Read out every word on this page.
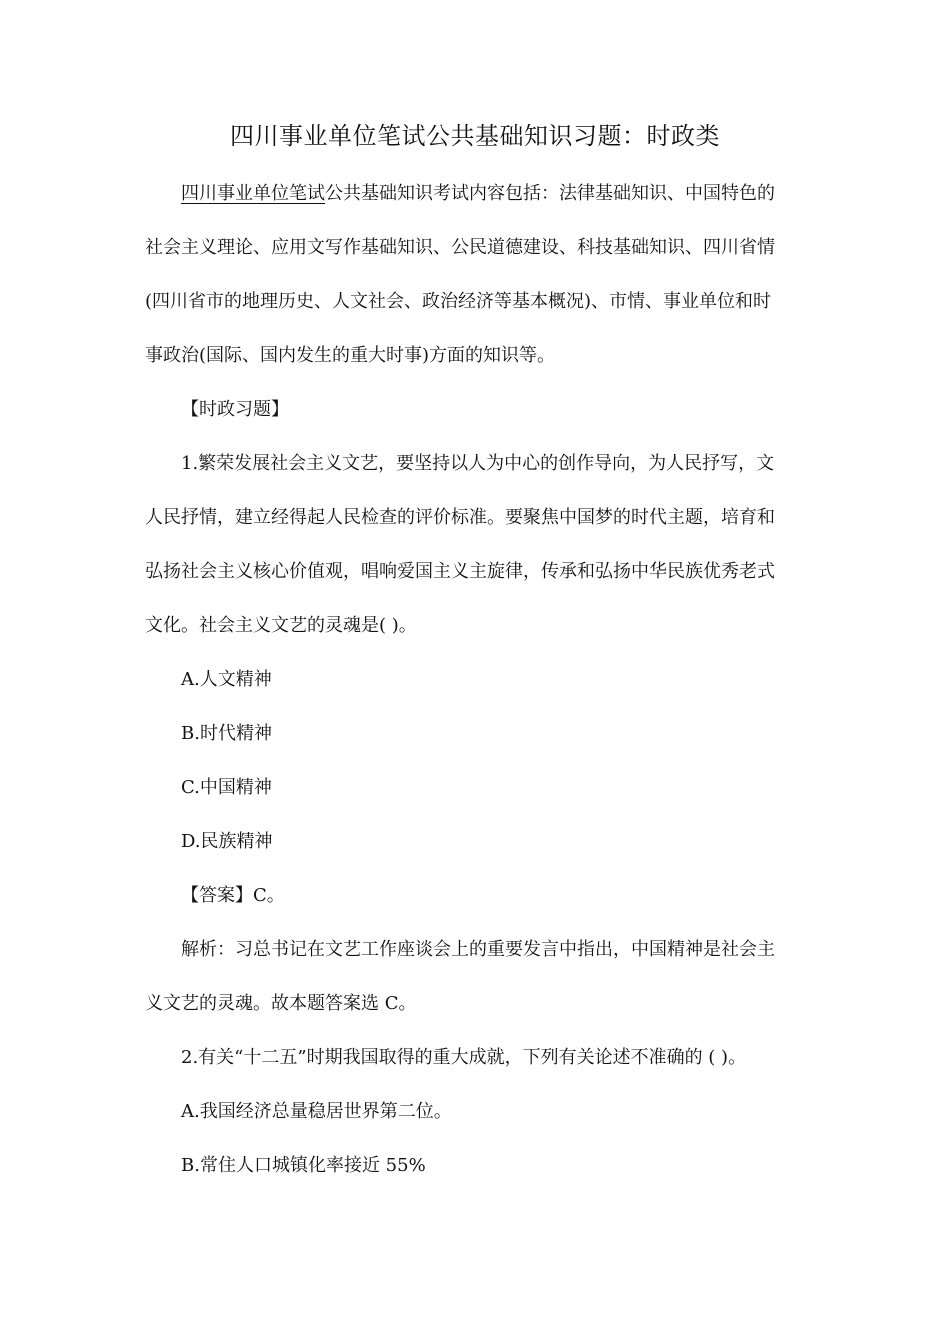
四川事业单位笔试公共基础知识习题：时政类
四川事业单位笔试公共基础知识考试内容包括：法律基础知识、中国特色的
社会主义理论、应用文写作基础知识、公民道德建设、科技基础知识、四川省情
(四川省市的地理历史、人文社会、政治经济等基本概况)、市情、事业单位和时
事政治(国际、国内发生的重大时事)方面的知识等。
【时政习题】
1.繁荣发展社会主义文艺，要坚持以人为中心的创作导向，为人民抒写，文
人民抒情，建立经得起人民检查的评价标准。要聚焦中国梦的时代主题，培育和
弘扬社会主义核心价值观，唱响爱国主义主旋律，传承和弘扬中华民族优秀老式
文化。社会主义文艺的灵魂是( )。
A.人文精神
B.时代精神
C.中国精神
D.民族精神
【答案】C。
解析：习总书记在文艺工作座谈会上的重要发言中指出，中国精神是社会主
义文艺的灵魂。故本题答案选 C。
2.有关“十二五”时期我国取得的重大成就，下列有关论述不准确的 ( )。
A.我国经济总量稳居世界第二位。
B.常住人口城镇化率接近 55%
